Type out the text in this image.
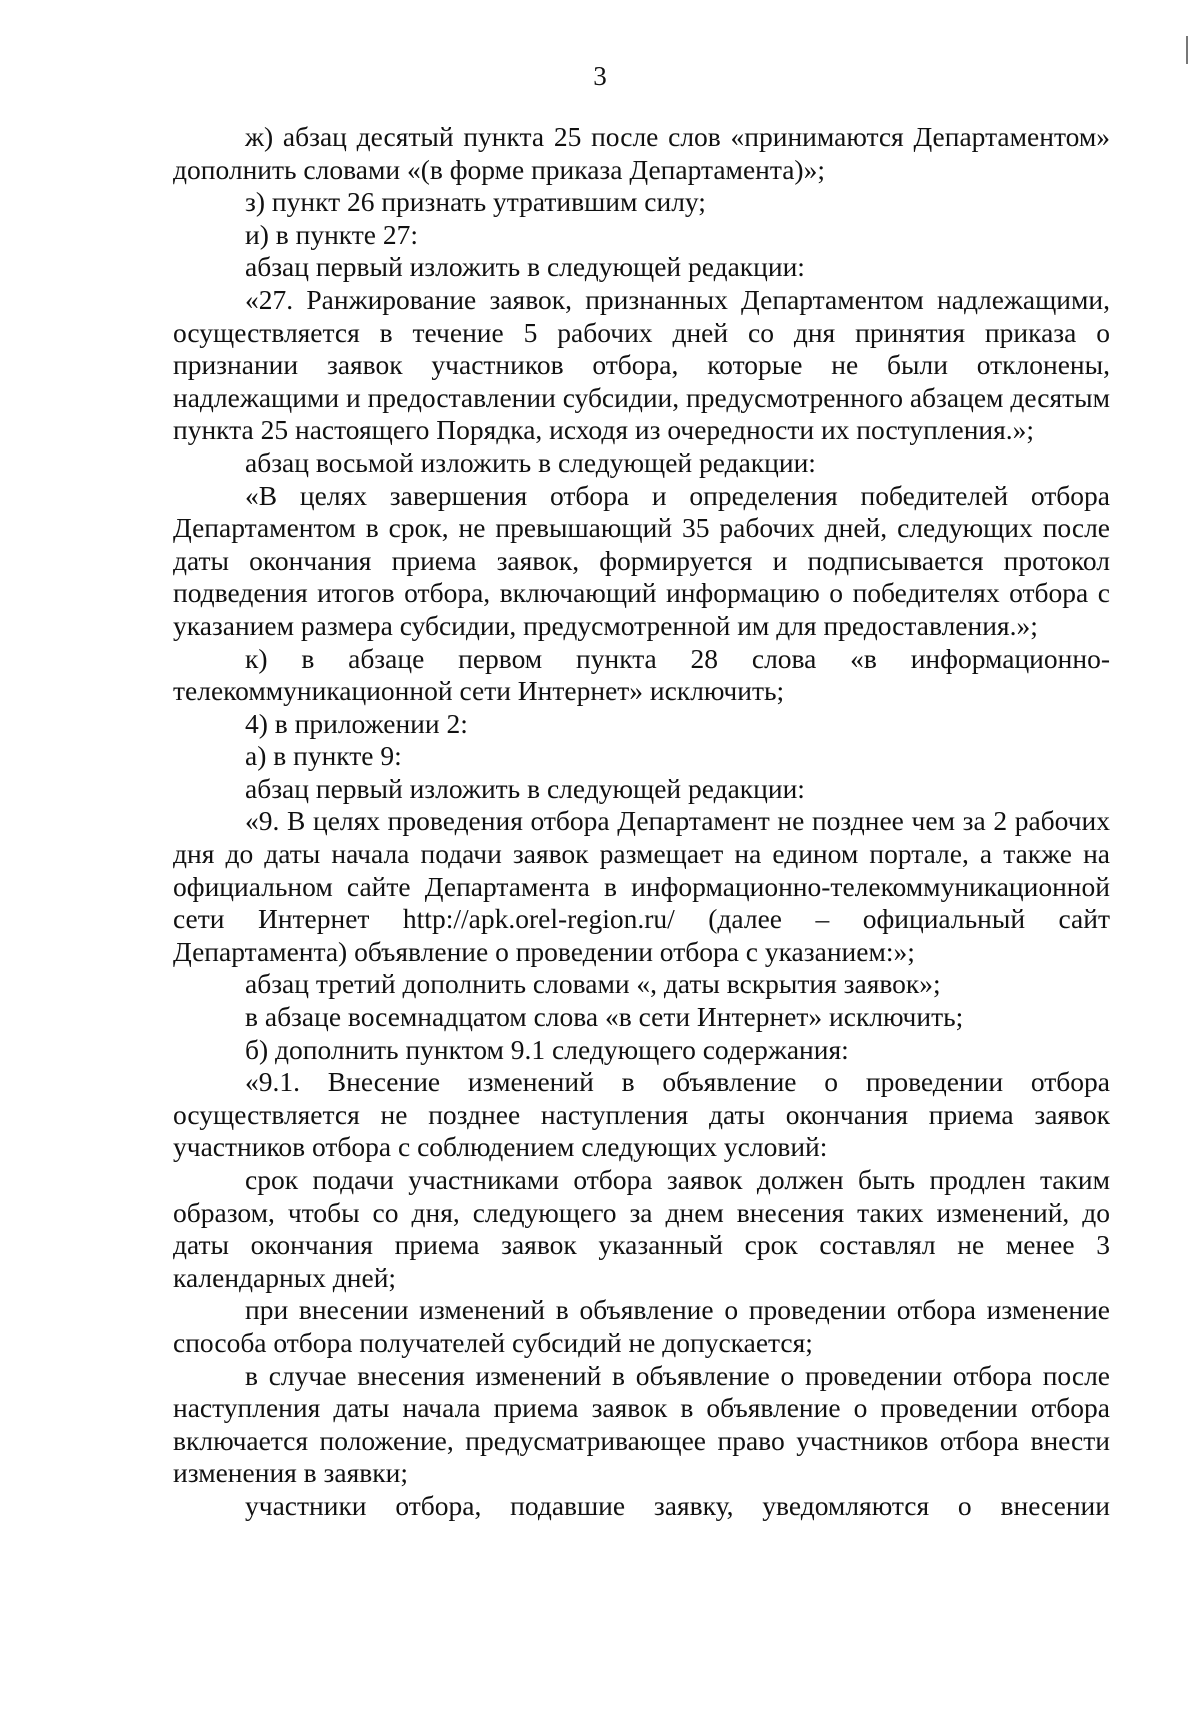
3

ж) абзац десятый пункта 25 после слов «принимаются Департаментом» дополнить словами «(в форме приказа Департамента)»;

з) пункт 26 признать утратившим силу;

и) в пункте 27:

абзац первый изложить в следующей редакции:

«27. Ранжирование заявок, признанных Департаментом надлежащими, осуществляется в течение 5 рабочих дней со дня принятия приказа о признании заявок участников отбора, которые не были отклонены, надлежащими и предоставлении субсидии, предусмотренного абзацем десятым пункта 25 настоящего Порядка, исходя из очередности их поступления.»;

абзац восьмой изложить в следующей редакции:

«В целях завершения отбора и определения победителей отбора Департаментом в срок, не превышающий 35 рабочих дней, следующих после даты окончания приема заявок, формируется и подписывается протокол подведения итогов отбора, включающий информацию о победителях отбора с указанием размера субсидии, предусмотренной им для предоставления.»;

к) в абзаце первом пункта 28 слова «в информационно-телекоммуникационной сети Интернет» исключить;

4) в приложении 2:

а) в пункте 9:

абзац первый изложить в следующей редакции:

«9. В целях проведения отбора Департамент не позднее чем за 2 рабочих дня до даты начала подачи заявок размещает на едином портале, а также на официальном сайте Департамента в информационно-телекоммуникационной сети Интернет http://apk.orel-region.ru/ (далее – официальный сайт Департамента) объявление о проведении отбора с указанием:»;

абзац третий дополнить словами «, даты вскрытия заявок»;

в абзаце восемнадцатом слова «в сети Интернет» исключить;

б) дополнить пунктом 9.1 следующего содержания:

«9.1. Внесение изменений в объявление о проведении отбора осуществляется не позднее наступления даты окончания приема заявок участников отбора с соблюдением следующих условий:

срок подачи участниками отбора заявок должен быть продлен таким образом, чтобы со дня, следующего за днем внесения таких изменений, до даты окончания приема заявок указанный срок составлял не менее 3 календарных дней;

при внесении изменений в объявление о проведении отбора изменение способа отбора получателей субсидий не допускается;

в случае внесения изменений в объявление о проведении отбора после наступления даты начала приема заявок в объявление о проведении отбора включается положение, предусматривающее право участников отбора внести изменения в заявки;

участники отбора, подавшие заявку, уведомляются о внесении
